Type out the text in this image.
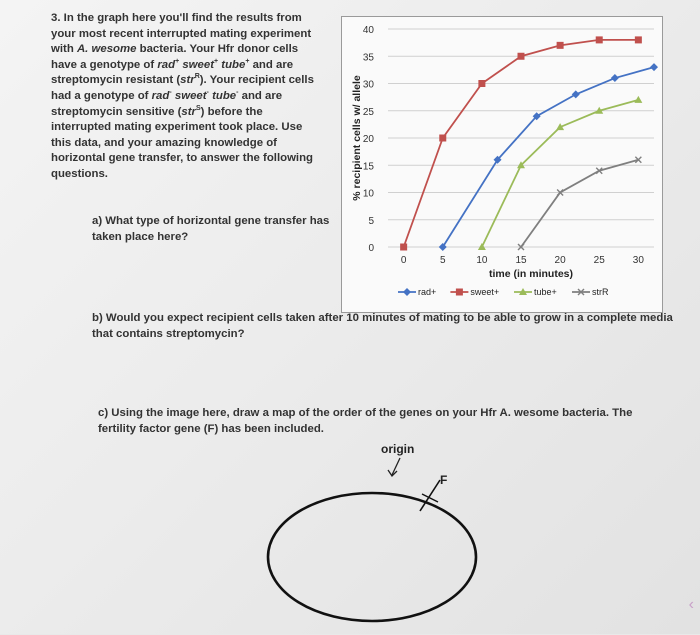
3. In the graph here you'll find the results from
your most recent interrupted mating experiment
with A. wesome bacteria. Your Hfr donor cells
have a genotype of rad+ sweet+ tube+ and are
streptomycin resistant (str$^R$). Your recipient cells
had a genotype of rad- sweet- tube- and are
streptomycin sensitive (str$^S$) before the
interrupted mating experiment took place. Use
this data, and your amazing knowledge of
horizontal gene transfer, to answer the following
questions.
0
5
10
15
20
25
30
35
40
0	5	10	15	20	25	30
time (in minutes)
% recipient cells w/ allele
rad+	sweet+	tube+	strR
a) What type of horizontal gene transfer has taken place here?
b) Would you expect recipient cells taken after 10 minutes of mating to be able to grow in a complete media that contains streptomycin?
c) Using the image here, draw a map of the order of the genes on your Hfr A. wesome bacteria. The fertility factor gene (F) has been included.
origin
F
‹
